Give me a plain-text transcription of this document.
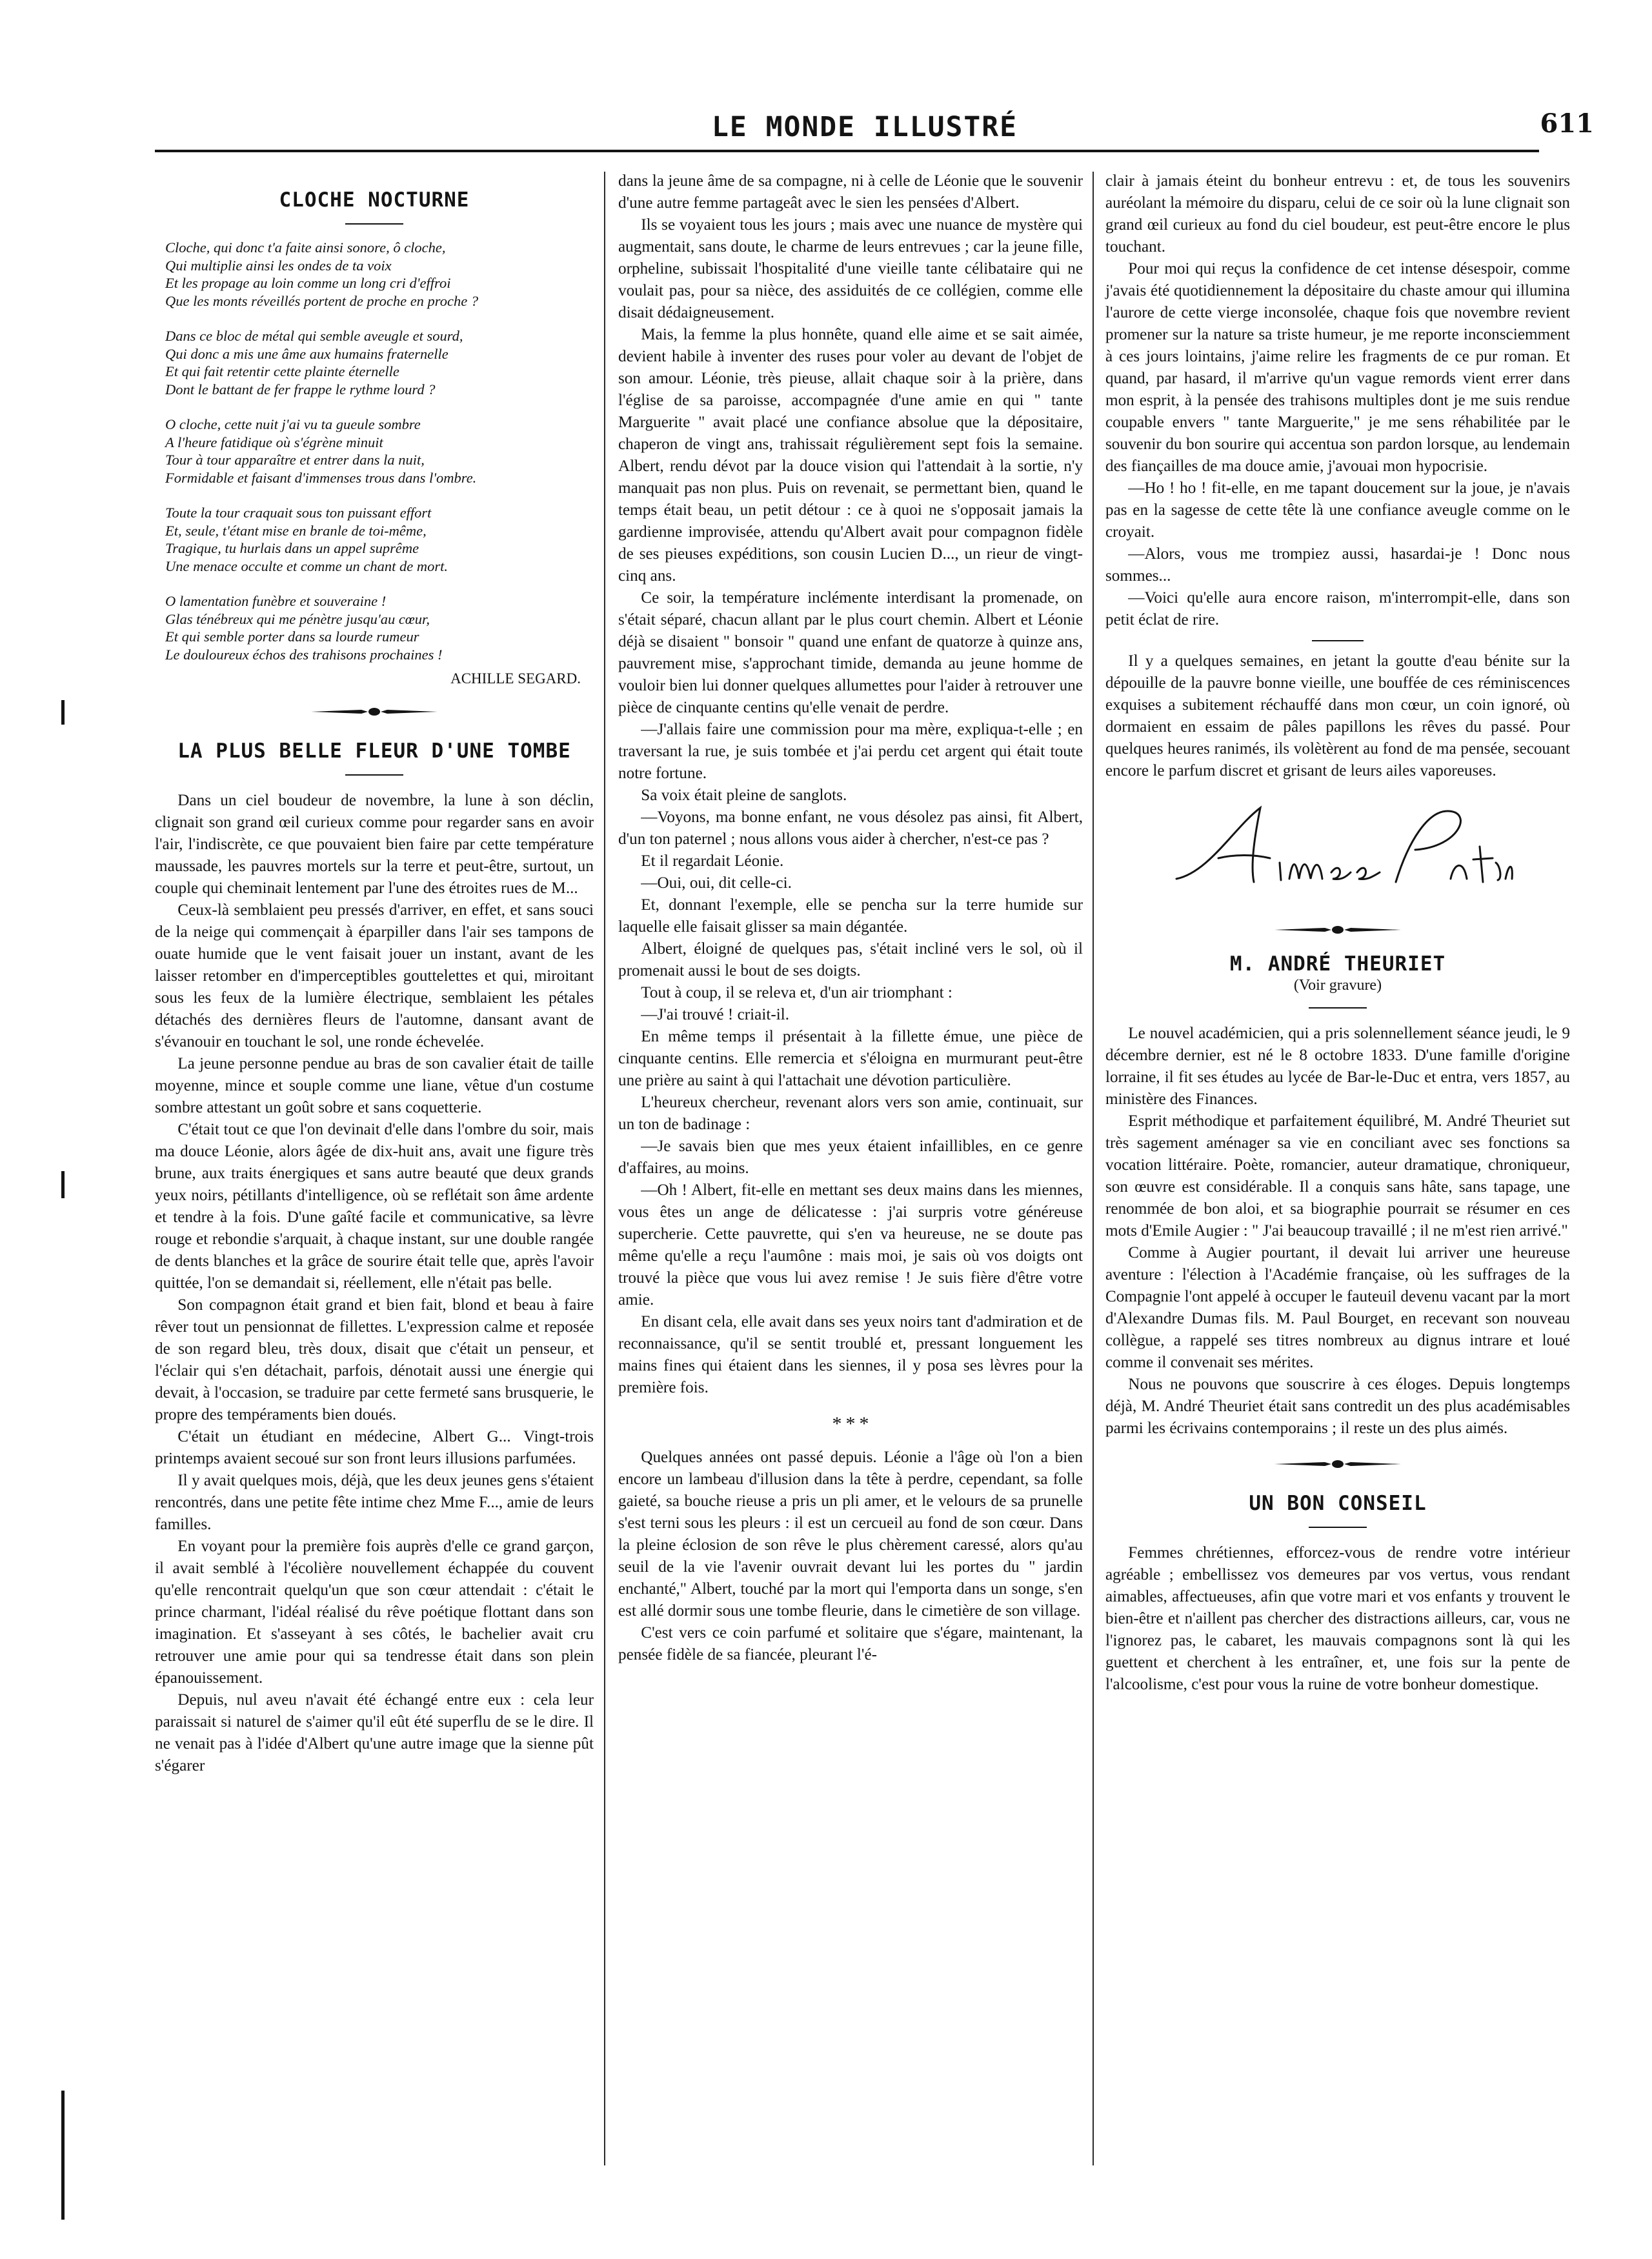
LE MONDE ILLUSTRÉ	611
CLOCHE NOCTURNE

Cloche, qui donc t'a faite ainsi sonore, ô cloche,

Qui multiplie ainsi les ondes de ta voix

Et les propage au loin comme un long cri d'effroi

Que les monts réveillés portent de proche en proche ?

Dans ce bloc de métal qui semble aveugle et sourd,

Qui donc a mis une âme aux humains fraternelle

Et qui fait retentir cette plainte éternelle

Dont le battant de fer frappe le rythme lourd ?

O cloche, cette nuit j'ai vu ta gueule sombre

A l'heure fatidique où s'égrène minuit

Tour à tour apparaître et entrer dans la nuit,

Formidable et faisant d'immenses trous dans l'ombre.

Toute la tour craquait sous ton puissant effort

Et, seule, t'étant mise en branle de toi-même,

Tragique, tu hurlais dans un appel suprême

Une menace occulte et comme un chant de mort.

O lamentation funèbre et souveraine !

Glas ténébreux qui me pénètre jusqu'au cœur,

Et qui semble porter dans sa lourde rumeur

Le douloureux échos des trahisons prochaines !

ACHILLE SEGARD.
LA PLUS BELLE FLEUR D'UNE TOMBE

Dans un ciel boudeur de novembre, la lune à son déclin, clignait son grand œil curieux comme pour regarder sans en avoir l'air, l'indiscrète, ce que pouvaient bien faire par cette température maussade, les pauvres mortels sur la terre et peut-être, surtout, un couple qui cheminait lentement par l'une des étroites rues de M...

Ceux-là semblaient peu pressés d'arriver, en effet, et sans souci de la neige qui commençait à éparpiller dans l'air ses tampons de ouate humide que le vent faisait jouer un instant, avant de les laisser retomber en d'imperceptibles gouttelettes et qui, miroitant sous les feux de la lumière électrique, semblaient les pétales détachés des dernières fleurs de l'automne, dansant avant de s'évanouir en touchant le sol, une ronde échevelée.

La jeune personne pendue au bras de son cavalier était de taille moyenne, mince et souple comme une liane, vêtue d'un costume sombre attestant un goût sobre et sans coquetterie.

C'était tout ce que l'on devinait d'elle dans l'ombre du soir, mais ma douce Léonie, alors âgée de dix-huit ans, avait une figure très brune, aux traits énergiques et sans autre beauté que deux grands yeux noirs, pétillants d'intelligence, où se reflétait son âme ardente et tendre à la fois. D'une gaîté facile et communicative, sa lèvre rouge et rebondie s'arquait, à chaque instant, sur une double rangée de dents blanches et la grâce de sourire était telle que, après l'avoir quittée, l'on se demandait si, réellement, elle n'était pas belle.

Son compagnon était grand et bien fait, blond et beau à faire rêver tout un pensionnat de fillettes. L'expression calme et reposée de son regard bleu, très doux, disait que c'était un penseur, et l'éclair qui s'en détachait, parfois, dénotait aussi une énergie qui devait, à l'occasion, se traduire par cette fermeté sans brusquerie, le propre des tempéraments bien doués.

C'était un étudiant en médecine, Albert G... Vingt-trois printemps avaient secoué sur son front leurs illusions parfumées.

Il y avait quelques mois, déjà, que les deux jeunes gens s'étaient rencontrés, dans une petite fête intime chez Mme F..., amie de leurs familles.

En voyant pour la première fois auprès d'elle ce grand garçon, il avait semblé à l'écolière nouvellement échappée du couvent qu'elle rencontrait quelqu'un que son cœur attendait : c'était le prince charmant, l'idéal réalisé du rêve poétique flottant dans son imagination. Et s'asseyant à ses côtés, le bachelier avait cru retrouver une amie pour qui sa tendresse était dans son plein épanouissement.

Depuis, nul aveu n'avait été échangé entre eux : cela leur paraissait si naturel de s'aimer qu'il eût été superflu de se le dire. Il ne venait pas à l'idée d'Albert qu'une autre image que la sienne pût s'égarer

dans la jeune âme de sa compagne, ni à celle de Léonie que le souvenir d'une autre femme partageât avec le sien les pensées d'Albert.

Ils se voyaient tous les jours ; mais avec une nuance de mystère qui augmentait, sans doute, le charme de leurs entrevues ; car la jeune fille, orpheline, subissait l'hospitalité d'une vieille tante célibataire qui ne voulait pas, pour sa nièce, des assiduités de ce collégien, comme elle disait dédaigneusement.

Mais, la femme la plus honnête, quand elle aime et se sait aimée, devient habile à inventer des ruses pour voler au devant de l'objet de son amour. Léonie, très pieuse, allait chaque soir à la prière, dans l'église de sa paroisse, accompagnée d'une amie en qui " tante Marguerite " avait placé une confiance absolue que la dépositaire, chaperon de vingt ans, trahissait régulièrement sept fois la semaine. Albert, rendu dévot par la douce vision qui l'attendait à la sortie, n'y manquait pas non plus. Puis on revenait, se permettant bien, quand le temps était beau, un petit détour : ce à quoi ne s'opposait jamais la gardienne improvisée, attendu qu'Albert avait pour compagnon fidèle de ses pieuses expéditions, son cousin Lucien D..., un rieur de vingt-cinq ans.

Ce soir, la température inclémente interdisant la promenade, on s'était séparé, chacun allant par le plus court chemin. Albert et Léonie déjà se disaient " bonsoir " quand une enfant de quatorze à quinze ans, pauvrement mise, s'approchant timide, demanda au jeune homme de vouloir bien lui donner quelques allumettes pour l'aider à retrouver une pièce de cinquante centins qu'elle venait de perdre.

—J'allais faire une commission pour ma mère, expliqua-t-elle ; en traversant la rue, je suis tombée et j'ai perdu cet argent qui était toute notre fortune.

Sa voix était pleine de sanglots.

—Voyons, ma bonne enfant, ne vous désolez pas ainsi, fit Albert, d'un ton paternel ; nous allons vous aider à chercher, n'est-ce pas ?

Et il regardait Léonie.

—Oui, oui, dit celle-ci.

Et, donnant l'exemple, elle se pencha sur la terre humide sur laquelle elle faisait glisser sa main dégantée.

Albert, éloigné de quelques pas, s'était incliné vers le sol, où il promenait aussi le bout de ses doigts.

Tout à coup, il se releva et, d'un air triomphant :

—J'ai trouvé ! criait-il.

En même temps il présentait à la fillette émue, une pièce de cinquante centins. Elle remercia et s'éloigna en murmurant peut-être une prière au saint à qui l'attachait une dévotion particulière.

L'heureux chercheur, revenant alors vers son amie, continuait, sur un ton de badinage :

—Je savais bien que mes yeux étaient infaillibles, en ce genre d'affaires, au moins.

—Oh ! Albert, fit-elle en mettant ses deux mains dans les miennes, vous êtes un ange de délicatesse : j'ai surpris votre généreuse supercherie. Cette pauvrette, qui s'en va heureuse, ne se doute pas même qu'elle a reçu l'aumône : mais moi, je sais où vos doigts ont trouvé la pièce que vous lui avez remise ! Je suis fière d'être votre amie.

En disant cela, elle avait dans ses yeux noirs tant d'admiration et de reconnaissance, qu'il se sentit troublé et, pressant longuement les mains fines qui étaient dans les siennes, il y posa ses lèvres pour la première fois.

* * *

Quelques années ont passé depuis. Léonie a l'âge où l'on a bien encore un lambeau d'illusion dans la tête à perdre, cependant, sa folle gaieté, sa bouche rieuse a pris un pli amer, et le velours de sa prunelle s'est terni sous les pleurs : il est un cercueil au fond de son cœur. Dans la pleine éclosion de son rêve le plus chèrement caressé, alors qu'au seuil de la vie l'avenir ouvrait devant lui les portes du " jardin enchanté," Albert, touché par la mort qui l'emporta dans un songe, s'en est allé dormir sous une tombe fleurie, dans le cimetière de son village.

C'est vers ce coin parfumé et solitaire que s'égare, maintenant, la pensée fidèle de sa fiancée, pleurant l'é-

clair à jamais éteint du bonheur entrevu : et, de tous les souvenirs auréolant la mémoire du disparu, celui de ce soir où la lune clignait son grand œil curieux au fond du ciel boudeur, est peut-être encore le plus touchant.

Pour moi qui reçus la confidence de cet intense désespoir, comme j'avais été quotidiennement la dépositaire du chaste amour qui illumina l'aurore de cette vierge inconsolée, chaque fois que novembre revient promener sur la nature sa triste humeur, je me reporte inconsciemment à ces jours lointains, j'aime relire les fragments de ce pur roman. Et quand, par hasard, il m'arrive qu'un vague remords vient errer dans mon esprit, à la pensée des trahisons multiples dont je me suis rendue coupable envers " tante Marguerite," je me sens réhabilitée par le souvenir du bon sourire qui accentua son pardon lorsque, au lendemain des fiançailles de ma douce amie, j'avouai mon hypocrisie.

—Ho ! ho ! fit-elle, en me tapant doucement sur la joue, je n'avais pas en la sagesse de cette tête là une confiance aveugle comme on le croyait.

—Alors, vous me trompiez aussi, hasardai-je ! Donc nous sommes...

—Voici qu'elle aura encore raison, m'interrompit-elle, dans son petit éclat de rire.

Il y a quelques semaines, en jetant la goutte d'eau bénite sur la dépouille de la pauvre bonne vieille, une bouffée de ces réminiscences exquises a subitement réchauffé dans mon cœur, un coin ignoré, où dormaient en essaim de pâles papillons les rêves du passé. Pour quelques heures ranimés, ils volètèrent au fond de ma pensée, secouant encore le parfum discret et grisant de leurs ailes vaporeuses.

M. ANDRÉ THEURIET
(Voir gravure)

Le nouvel académicien, qui a pris solennellement séance jeudi, le 9 décembre dernier, est né le 8 octobre 1833. D'une famille d'origine lorraine, il fit ses études au lycée de Bar-le-Duc et entra, vers 1857, au ministère des Finances.

Esprit méthodique et parfaitement équilibré, M. André Theuriet sut très sagement aménager sa vie en conciliant avec ses fonctions sa vocation littéraire. Poète, romancier, auteur dramatique, chroniqueur, son œuvre est considérable. Il a conquis sans hâte, sans tapage, une renommée de bon aloi, et sa biographie pourrait se résumer en ces mots d'Emile Augier : " J'ai beaucoup travaillé ; il ne m'est rien arrivé."

Comme à Augier pourtant, il devait lui arriver une heureuse aventure : l'élection à l'Académie française, où les suffrages de la Compagnie l'ont appelé à occuper le fauteuil devenu vacant par la mort d'Alexandre Dumas fils. M. Paul Bourget, en recevant son nouveau collègue, a rappelé ses titres nombreux au dignus intrare et loué comme il convenait ses mérites.

Nous ne pouvons que souscrire à ces éloges. Depuis longtemps déjà, M. André Theuriet était sans contredit un des plus académisables parmi les écrivains contemporains ; il reste un des plus aimés.

UN BON CONSEIL

Femmes chrétiennes, efforcez-vous de rendre votre intérieur agréable ; embellissez vos demeures par vos vertus, vous rendant aimables, affectueuses, afin que votre mari et vos enfants y trouvent le bien-être et n'aillent pas chercher des distractions ailleurs, car, vous ne l'ignorez pas, le cabaret, les mauvais compagnons sont là qui les guettent et cherchent à les entraîner, et, une fois sur la pente de l'alcoolisme, c'est pour vous la ruine de votre bonheur domestique.
